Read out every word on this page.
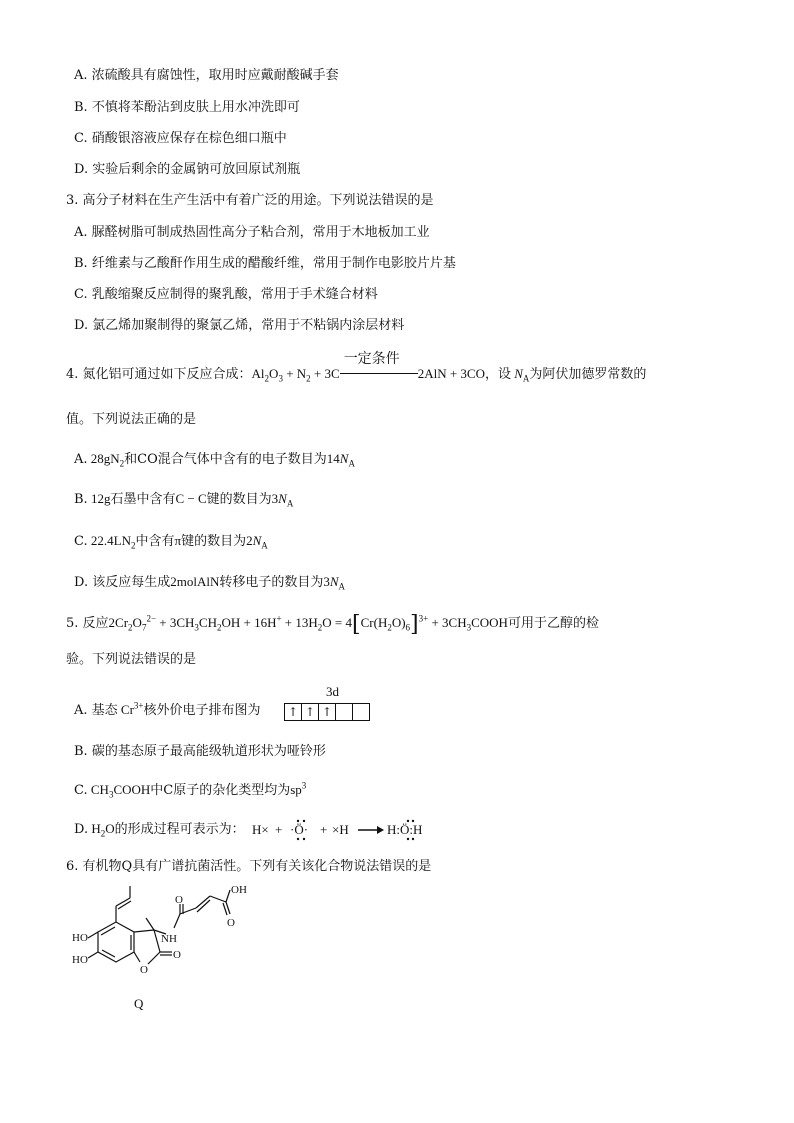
A. 浓硫酸具有腐蚀性，取用时应戴耐酸碱手套
B. 不慎将苯酚沾到皮肤上用水冲洗即可
C. 硝酸银溶液应保存在棕色细口瓶中
D. 实验后剩余的金属钠可放回原试剂瓶
3. 高分子材料在生产生活中有着广泛的用途。下列说法错误的是
A. 脲醛树脂可制成热固性高分子粘合剂，常用于木地板加工业
B. 纤维素与乙酸酐作用生成的醋酸纤维，常用于制作电影胶片片基
C. 乳酸缩聚反应制得的聚乳酸，常用于手术缝合材料
D. 氯乙烯加聚制得的聚氯乙烯，常用于不粘锅内涂层材料
4. 氮化铝可通过如下反应合成：$Al_2O_3 + N_2 + 3C$
一定条件
2AlN + 3CO，设 $N_A$为阿伏加德罗常数的
值。下列说法正确的是
A. $28gN_2$和CO混合气体中含有的电子数目为$14N_A$
B. 12g石墨中含有C − C键的数目为$3N_A$
C. $22.4LN_2$中含有π键的数目为$2N_A$
D. 该反应每生成2molAlN转移电子的数目为$3N_A$
5. 反应$2Cr_2O_7^{2-} + 3CH_3CH_2OH + 16H^+ + 13H_2O = 4[Cr(H_2O)_6]^{3+}$ + $3CH_3COOH$可用于乙醇的检
验。下列说法错误的是
A. 基态 $Cr^{3+}$核外价电子排布图为
3d
↑ ↑ ↑
B. 碳的基态原子最高能级轨道形状为哑铃形
C. $CH_3COOH$中C原子的杂化类型均为$sp^3$
D. $H_2O$的形成过程可表示为： H× + ·Ö· + ×H	H:Ö:H
6. 有机物Q具有广谱抗菌活性。下列有关该化合物说法错误的是
OH
O
O
NH
HO
HO
O
O
Q
